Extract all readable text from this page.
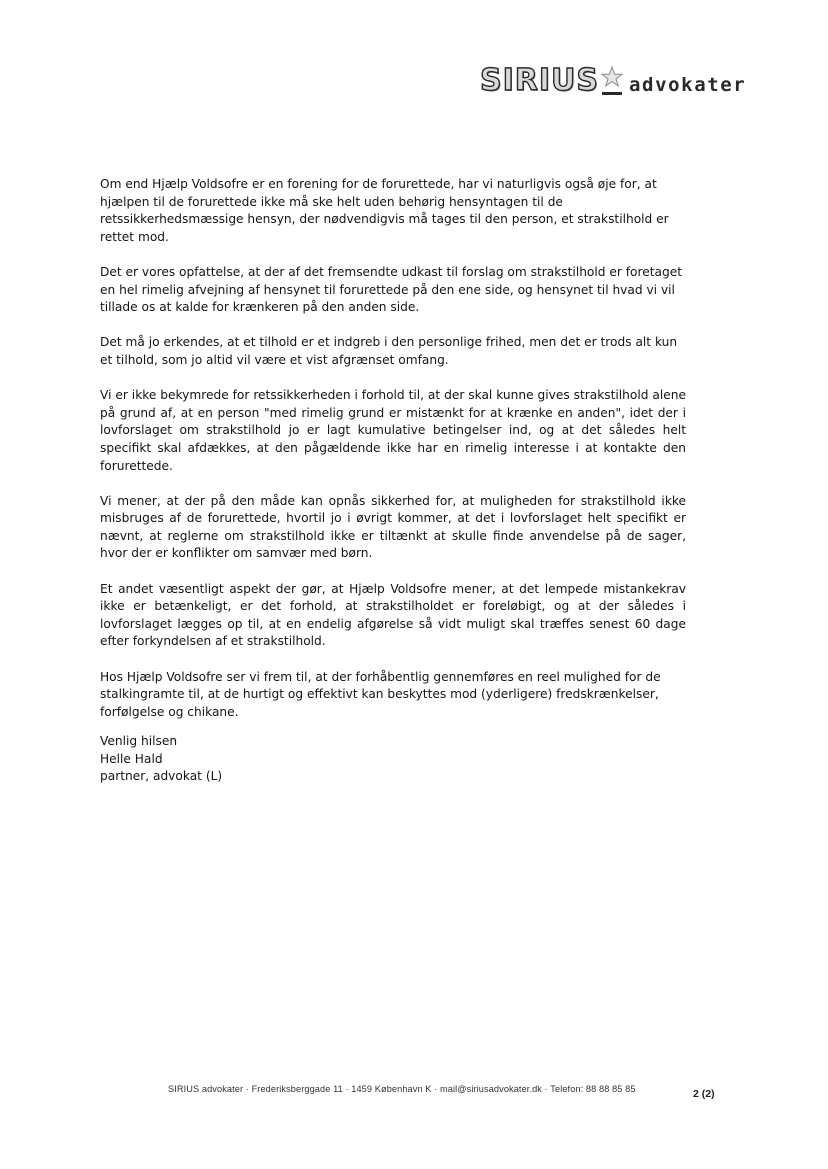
SIRIUS advokater

Om end Hjælp Voldsofre er en forening for de forurettede, har vi naturligvis også øje for, at hjælpen til de forurettede ikke må ske helt uden behørig hensyntagen til de retssikkerhedsmæssige hensyn, der nødvendigvis må tages til den person, et strakstilhold er rettet mod.

Det er vores opfattelse, at der af det fremsendte udkast til forslag om strakstilhold er foretaget en hel rimelig afvejning af hensynet til forurettede på den ene side, og hensynet til hvad vi vil tillade os at kalde for krænkeren på den anden side.

Det må jo erkendes, at et tilhold er et indgreb i den personlige frihed, men det er trods alt kun et tilhold, som jo altid vil være et vist afgrænset omfang.

Vi er ikke bekymrede for retssikkerheden i forhold til, at der skal kunne gives strakstilhold alene på grund af, at en person "med rimelig grund er mistænkt for at krænke en anden", idet der i lovforslaget om strakstilhold jo er lagt kumulative betingelser ind, og at det således helt specifikt skal afdækkes, at den pågældende ikke har en rimelig interesse i at kontakte den forurettede.

Vi mener, at der på den måde kan opnås sikkerhed for, at muligheden for strakstilhold ikke misbruges af de forurettede, hvortil jo i øvrigt kommer, at det i lovforslaget helt specifikt er nævnt, at reglerne om strakstilhold ikke er tiltænkt at skulle finde anvendelse på de sager, hvor der er konflikter om samvær med børn.

Et andet væsentligt aspekt der gør, at Hjælp Voldsofre mener, at det lempede mistankekrav ikke er betænkeligt, er det forhold, at strakstilholdet er foreløbigt, og at der således i lovforslaget lægges op til, at en endelig afgørelse så vidt muligt skal træffes senest 60 dage efter forkyndelsen af et strakstilhold.

Hos Hjælp Voldsofre ser vi frem til, at der forhåbentlig gennemføres en reel mulighed for de stalkingramte til, at de hurtigt og effektivt kan beskyttes mod (yderligere) fredskrænkelser, forfølgelse og chikane.

Venlig hilsen
Helle Hald
partner, advokat (L)
SIRIUS advokater · Frederiksberggade 11 · 1459 København K · mail@siriusadvokater.dk · Telefon: 88 88 85 85	2 (2)
